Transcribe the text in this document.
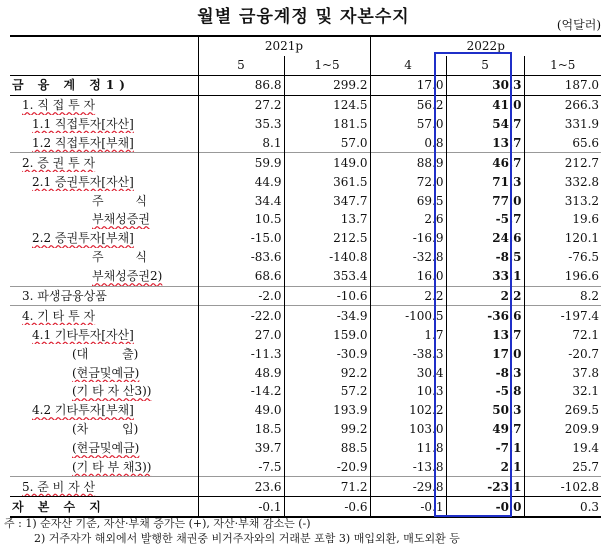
월별 금융계정 및 자본수지	(억달러)
	2021p		2022p		
	5	1~5	4	5	1~5
금 융 계 정1)	86.8	299.2	17.0	30.3	187.0
1. 직 접 투 자	27.2	124.5	56.2	41.0	266.3
1.1 직접투자[자산]	35.3	181.5	57.0	54.7	331.9
1.2 직접투자[부채]	8.1	57.0	0.8	13.7	65.6
2. 증 권 투 자	59.9	149.0	88.9	46.7	212.7
2.1 증권투자[자산]	44.9	361.5	72.0	71.3	332.8
주 식	34.4	347.7	69.5	77.0	313.2
부채성증권	10.5	13.7	2.6	-5.7	19.6
2.2 증권투자[부채]	-15.0	212.5	-16.9	24.6	120.1
주 식	-83.6	-140.8	-32.8	-8.5	-76.5
부채성증권2)	68.6	353.4	16.0	33.1	196.6
3. 파생금융상품	-2.0	-10.6	2.2	2.2	8.2
4. 기 타 투 자	-22.0	-34.9	-100.5	-36.6	-197.4
4.1 기타투자[자산]	27.0	159.0	1.7	13.7	72.1
(대 출)	-11.3	-30.9	-38.3	17.0	-20.7
(현금및예금)	48.9	92.2	30.4	-8.3	37.8
(기 타 자 산3))	-14.2	57.2	10.3	-5.8	32.1
4.2 기타투자[부채]	49.0	193.9	102.2	50.3	269.5
(차 입)	18.5	99.2	103.0	49.7	209.9
(현금및예금)	39.7	88.5	11.8	-7.1	19.4
(기 타 부 채3))	-7.5	-20.9	-13.8	2.1	25.7
5. 준 비 자 산	23.6	71.2	-29.8	-23.1	-102.8
자 본 수 지	-0.1	-0.6	-0.1	-0.0	0.3
주 : 1) 순자산 기준, 자산·부채 증가는 (+), 자산·부채 감소는 (-)
2) 거주자가 해외에서 발행한 채권중 비거주자와의 거래분 포함 3) 매입외환, 매도외환 등
